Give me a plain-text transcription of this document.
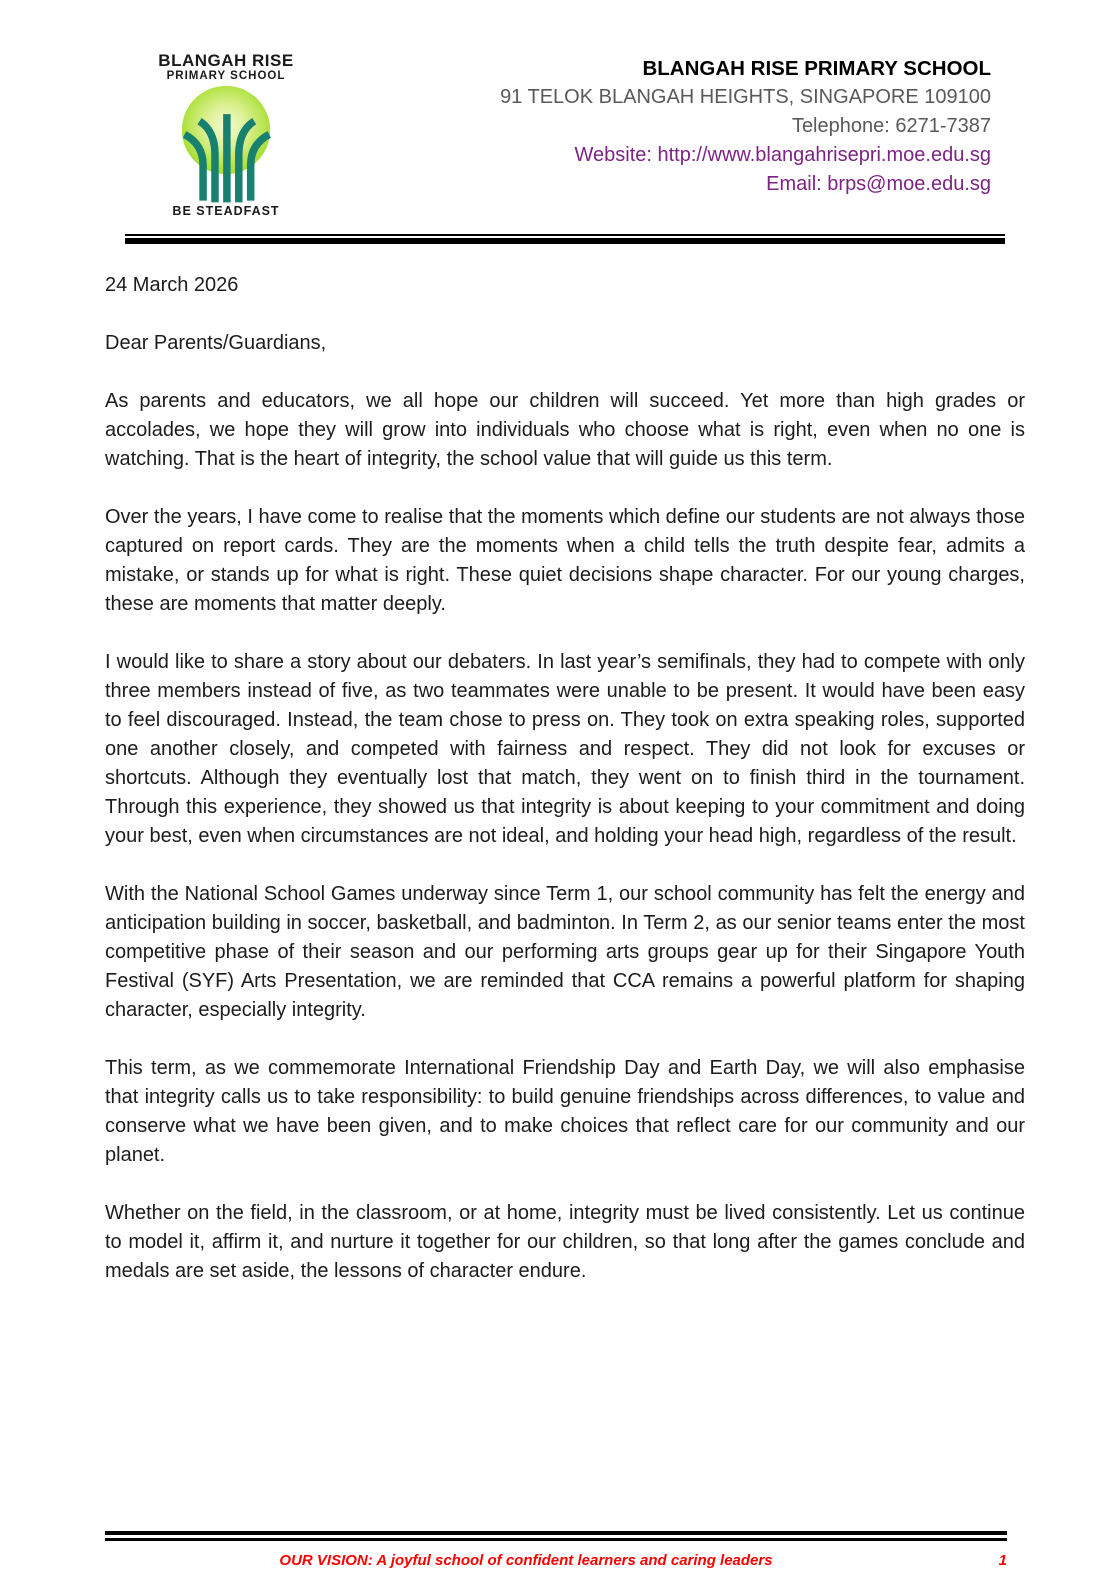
BLANGAH RISE
PRIMARY SCHOOL
BE STEADFAST
BLANGAH RISE PRIMARY SCHOOL
91 TELOK BLANGAH HEIGHTS, SINGAPORE 109100
Telephone: 6271-7387
Website: http://www.blangahrisepri.moe.edu.sg
Email: brps@moe.edu.sg

24 March 2026

Dear Parents/Guardians,

As parents and educators, we all hope our children will succeed. Yet more than high grades or accolades, we hope they will grow into individuals who choose what is right, even when no one is watching. That is the heart of integrity, the school value that will guide us this term.

Over the years, I have come to realise that the moments which define our students are not always those captured on report cards. They are the moments when a child tells the truth despite fear, admits a mistake, or stands up for what is right. These quiet decisions shape character. For our young charges, these are moments that matter deeply.

I would like to share a story about our debaters. In last year’s semifinals, they had to compete with only three members instead of five, as two teammates were unable to be present. It would have been easy to feel discouraged. Instead, the team chose to press on. They took on extra speaking roles, supported one another closely, and competed with fairness and respect. They did not look for excuses or shortcuts. Although they eventually lost that match, they went on to finish third in the tournament. Through this experience, they showed us that integrity is about keeping to your commitment and doing your best, even when circumstances are not ideal, and holding your head high, regardless of the result.

With the National School Games underway since Term 1, our school community has felt the energy and anticipation building in soccer, basketball, and badminton. In Term 2, as our senior teams enter the most competitive phase of their season and our performing arts groups gear up for their Singapore Youth Festival (SYF) Arts Presentation, we are reminded that CCA remains a powerful platform for shaping character, especially integrity.

This term, as we commemorate International Friendship Day and Earth Day, we will also emphasise that integrity calls us to take responsibility: to build genuine friendships across differences, to value and conserve what we have been given, and to make choices that reflect care for our community and our planet.

Whether on the field, in the classroom, or at home, integrity must be lived consistently. Let us continue to model it, affirm it, and nurture it together for our children, so that long after the games conclude and medals are set aside, the lessons of character endure.

OUR VISION: A joyful school of confident learners and caring leaders	1
